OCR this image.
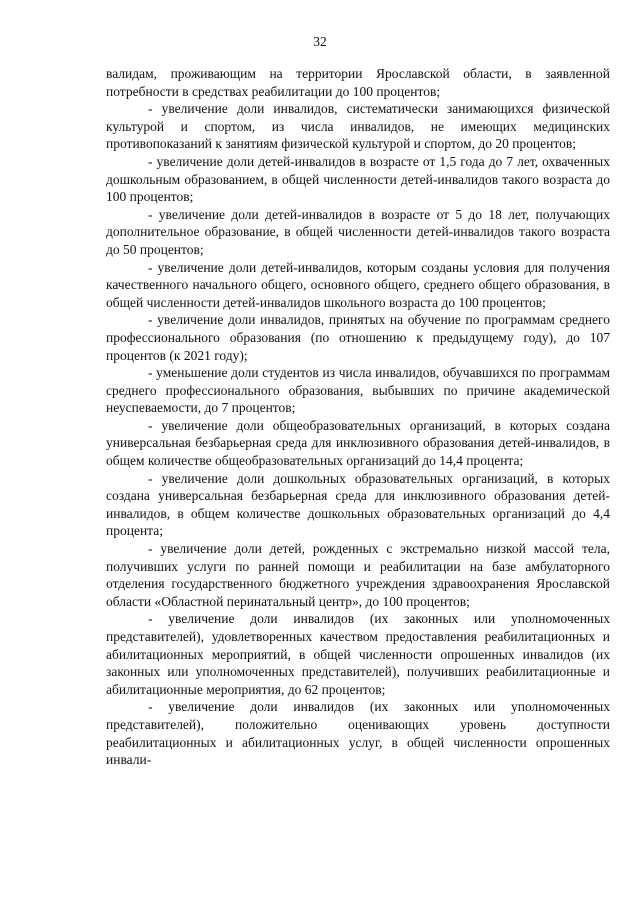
32

валидам, проживающим на территории Ярославской области, в заявленной потребности в средствах реабилитации до 100 процентов;

- увеличение доли инвалидов, систематически занимающихся физической культурой и спортом, из числа инвалидов, не имеющих медицинских противопоказаний к занятиям физической культурой и спортом, до 20 процентов;

- увеличение доли детей-инвалидов в возрасте от 1,5 года до 7 лет, охваченных дошкольным образованием, в общей численности детей-инвалидов такого возраста до 100 процентов;

- увеличение доли детей-инвалидов в возрасте от 5 до 18 лет, получающих дополнительное образование, в общей численности детей-инвалидов такого возраста до 50 процентов;

- увеличение доли детей-инвалидов, которым созданы условия для получения качественного начального общего, основного общего, среднего общего образования, в общей численности детей-инвалидов школьного возраста до 100 процентов;

- увеличение доли инвалидов, принятых на обучение по программам среднего профессионального образования (по отношению к предыдущему году), до 107 процентов (к 2021 году);

- уменьшение доли студентов из числа инвалидов, обучавшихся по программам среднего профессионального образования, выбывших по причине академической неуспеваемости, до 7 процентов;

- увеличение доли общеобразовательных организаций, в которых создана универсальная безбарьерная среда для инклюзивного образования детей-инвалидов, в общем количестве общеобразовательных организаций до 14,4 процента;

- увеличение доли дошкольных образовательных организаций, в которых создана универсальная безбарьерная среда для инклюзивного образования детей-инвалидов, в общем количестве дошкольных образовательных организаций до 4,4 процента;

- увеличение доли детей, рожденных с экстремально низкой массой тела, получивших услуги по ранней помощи и реабилитации на базе амбулаторного отделения государственного бюджетного учреждения здравоохранения Ярославской области «Областной перинатальный центр», до 100 процентов;

- увеличение доли инвалидов (их законных или уполномоченных представителей), удовлетворенных качеством предоставления реабилитационных и абилитационных мероприятий, в общей численности опрошенных инвалидов (их законных или уполномоченных представителей), получивших реабилитационные и абилитационные мероприятия, до 62 процентов;

- увеличение доли инвалидов (их законных или уполномоченных представителей), положительно оценивающих уровень доступности реабилитационных и абилитационных услуг, в общей численности опрошенных инвали-
